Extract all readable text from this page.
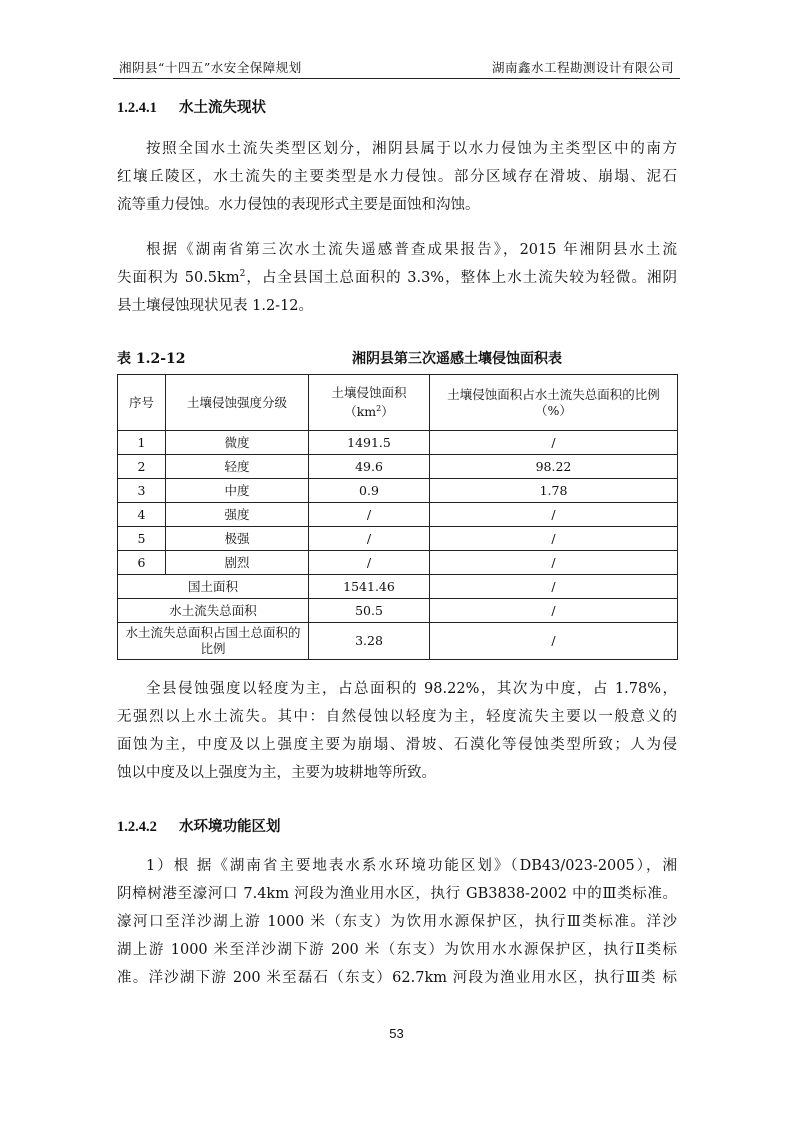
湘阴县“十四五”水安全保障规划	湖南鑫水工程勘测设计有限公司
1.2.4.1 水土流失现状
按照全国水土流失类型区划分，湘阴县属于以水力侵蚀为主类型区中的南方
红壤丘陵区，水土流失的主要类型是水力侵蚀。部分区域存在滑坡、崩塌、泥石
流等重力侵蚀。水力侵蚀的表现形式主要是面蚀和沟蚀。
根据《湖南省第三次水土流失遥感普查成果报告》，2015 年湘阴县水土流
失面积为 $50.5km^2$，占全县国土总面积的 3.3%，整体上水土流失较为轻微。湘阴
县土壤侵蚀现状见表 1.2-12。
表 1.2-12	湘阴县第三次遥感土壤侵蚀面积表
序号	土壤侵蚀强度分级	土壤侵蚀面积
$(km^2)$	土壤侵蚀面积占水土流失总面积的比例（%）
1	微度	1491.5	/
2	轻度	49.6	98.22
3	中度	0.9	1.78
4	强度	/	/
5	极强	/	/
6	剧烈	/	/
国土面积		1541.46	/
水土流失总面积		50.5	/
水土流失总面积占国土总面积的比例		3.28	/
全县侵蚀强度以轻度为主，占总面积的 98.22%，其次为中度，占 1.78%，
无强烈以上水土流失。其中：自然侵蚀以轻度为主，轻度流失主要以一般意义的
面蚀为主，中度及以上强度主要为崩塌、滑坡、石漠化等侵蚀类型所致；人为侵
蚀以中度及以上强度为主，主要为坡耕地等所致。
1.2.4.2 水环境功能区划
1）根 据《湖南省主要地表水系水环境功能区划》（DB43/023-2005），湘
阴樟树港至濠河口 7.4km 河段为渔业用水区，执行 GB3838-2002 中的Ⅲ类标准。
濠河口至洋沙湖上游 1000 米（东支）为饮用水源保护区，执行Ⅲ类标准。洋沙
湖上游 1000 米至洋沙湖下游 200 米（东支）为饮用水水源保护区，执行Ⅱ类标
准。洋沙湖下游 200 米至磊石（东支）62.7km 河段为渔业用水区，执行Ⅲ类 标
53
